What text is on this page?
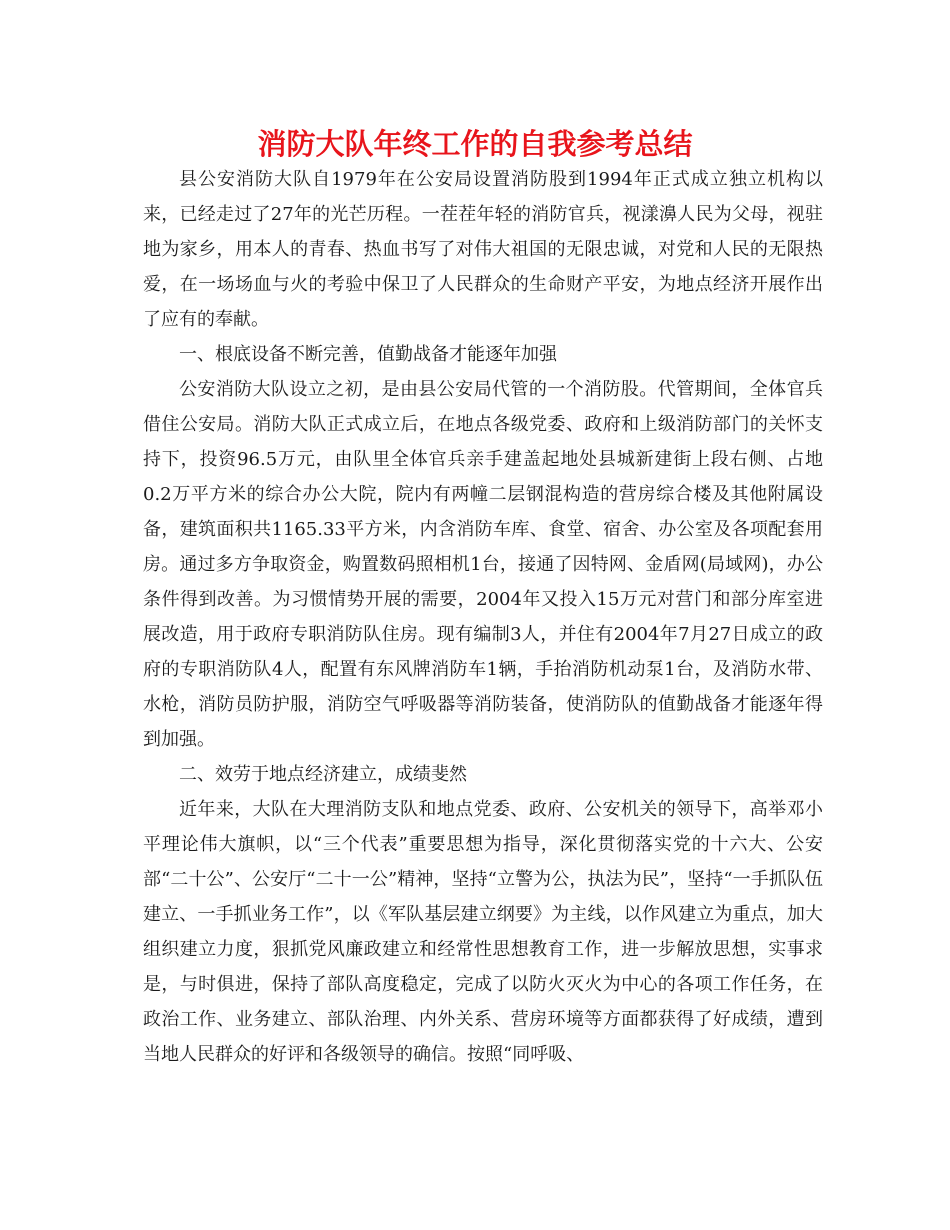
消防大队年终工作的自我参考总结

县公安消防大队自1979年在公安局设置消防股到1994年正式成立独立机构以来，已经走过了27年的光芒历程。一茬茬年轻的消防官兵，视漾濞人民为父母，视驻地为家乡，用本人的青春、热血书写了对伟大祖国的无限忠诚，对党和人民的无限热爱，在一场场血与火的考验中保卫了人民群众的生命财产平安，为地点经济开展作出了应有的奉献。

一、根底设备不断完善，值勤战备才能逐年加强

公安消防大队设立之初，是由县公安局代管的一个消防股。代管期间，全体官兵借住公安局。消防大队正式成立后，在地点各级党委、政府和上级消防部门的关怀支持下，投资96.5万元，由队里全体官兵亲手建盖起地处县城新建街上段右侧、占地0.2万平方米的综合办公大院，院内有两幢二层钢混构造的营房综合楼及其他附属设备，建筑面积共1165.33平方米，内含消防车库、食堂、宿舍、办公室及各项配套用房。通过多方争取资金，购置数码照相机1台，接通了因特网、金盾网(局域网)，办公条件得到改善。为习惯情势开展的需要，2004年又投入15万元对营门和部分库室进展改造，用于政府专职消防队住房。现有编制3人，并住有2004年7月27日成立的政府的专职消防队4人，配置有东风牌消防车1辆，手抬消防机动泵1台，及消防水带、水枪，消防员防护服，消防空气呼吸器等消防装备，使消防队的值勤战备才能逐年得到加强。

二、效劳于地点经济建立，成绩斐然

近年来，大队在大理消防支队和地点党委、政府、公安机关的领导下，高举邓小平理论伟大旗帜，以“三个代表”重要思想为指导，深化贯彻落实党的十六大、公安部“二十公”、公安厅“二十一公”精神，坚持“立警为公，执法为民”，坚持“一手抓队伍建立、一手抓业务工作”，以《军队基层建立纲要》为主线，以作风建立为重点，加大组织建立力度，狠抓党风廉政建立和经常性思想教育工作，进一步解放思想，实事求是，与时俱进，保持了部队高度稳定，完成了以防火灭火为中心的各项工作任务，在政治工作、业务建立、部队治理、内外关系、营房环境等方面都获得了好成绩，遭到当地人民群众的好评和各级领导的确信。按照“同呼吸、
